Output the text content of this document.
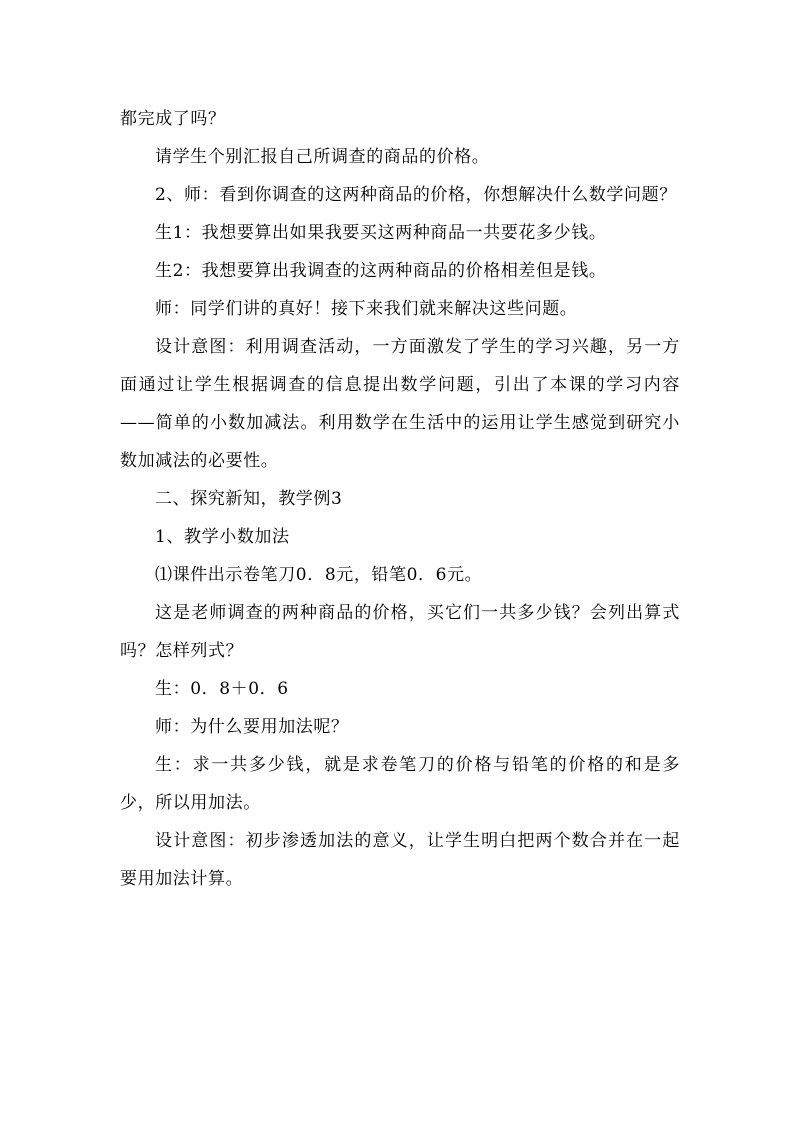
都完成了吗？

请学生个别汇报自己所调查的商品的价格。

2、师：看到你调查的这两种商品的价格，你想解决什么数学问题？

生1：我想要算出如果我要买这两种商品一共要花多少钱。

生2：我想要算出我调查的这两种商品的价格相差但是钱。

师：同学们讲的真好！接下来我们就来解决这些问题。

设计意图：利用调查活动，一方面激发了学生的学习兴趣，另一方面通过让学生根据调查的信息提出数学问题，引出了本课的学习内容——简单的小数加减法。利用数学在生活中的运用让学生感觉到研究小数加减法的必要性。

二、探究新知，教学例3

1、教学小数加法

⑴课件出示卷笔刀0．8元，铅笔0．6元。

这是老师调查的两种商品的价格，买它们一共多少钱？会列出算式吗？怎样列式？

生：0．8＋0．6

师：为什么要用加法呢？

生：求一共多少钱，就是求卷笔刀的价格与铅笔的价格的和是多少，所以用加法。

设计意图：初步渗透加法的意义，让学生明白把两个数合并在一起要用加法计算。
